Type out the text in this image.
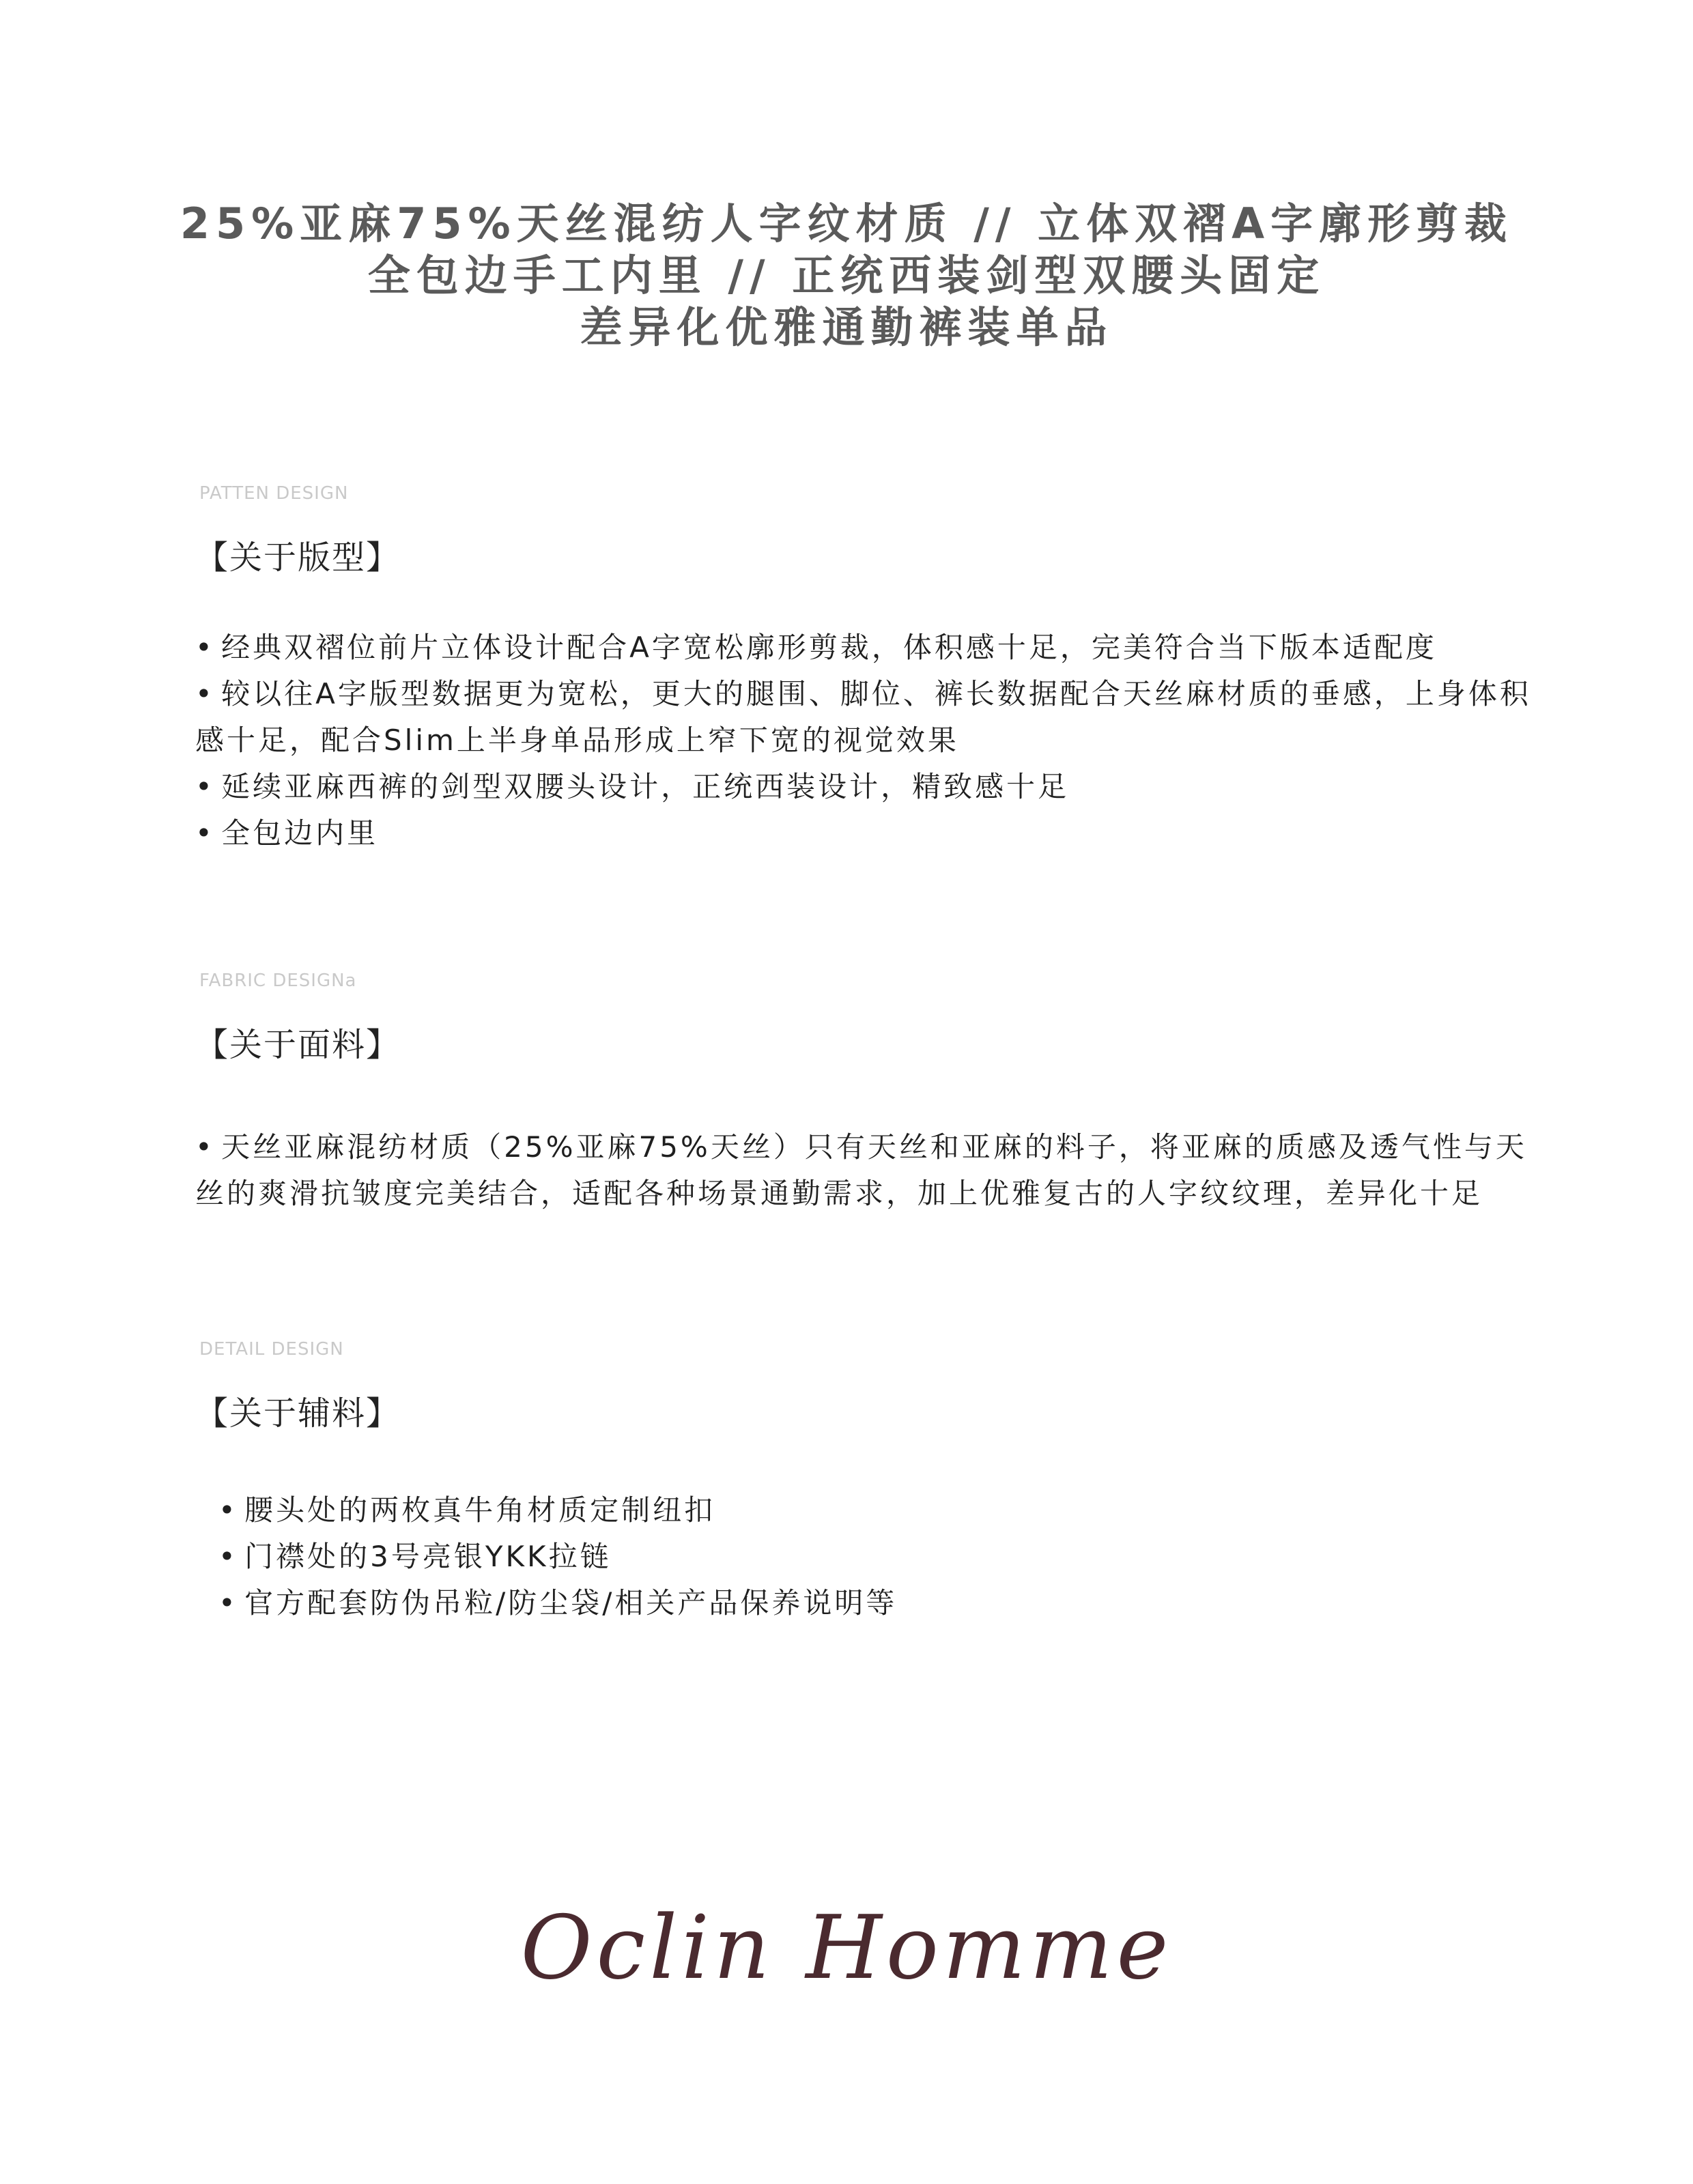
25%亚麻75%天丝混纺人字纹材质 // 立体双褶A字廓形剪裁
全包边手工内里 // 正统西装剑型双腰头固定
差异化优雅通勤裤装单品
PATTEN DESIGN
【 关于版型 】
• 经典双褶位前片立体设计配合A字宽松廓形剪裁，体积感十足，完美符合当下版本适配度
• 较以往A字版型数据更为宽松，更大的腿围、脚位、裤长数据配合天丝麻材质的垂感，上身体积感十足，配合Slim上半身单品形成上窄下宽的视觉效果
• 延续亚麻西裤的剑型双腰头设计，正统西装设计，精致感十足
• 全包边内里
FABRIC DESIGNa
【 关于面料 】
• 天丝亚麻混纺材质（25%亚麻75%天丝）只有天丝和亚麻的料子，将亚麻的质感及透气性与天丝的爽滑抗皱度完美结合，适配各种场景通勤需求，加上优雅复古的人字纹纹理，差异化十足
DETAIL DESIGN
【 关于辅料 】
• 腰头处的两枚真牛角材质定制纽扣
• 门襟处的3号亮银YKK拉链
• 官方配套防伪吊粒/防尘袋/相关产品保养说明等
Oclin Homme
